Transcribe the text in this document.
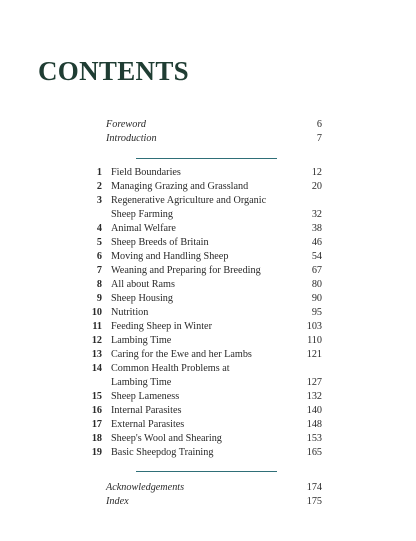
CONTENTS
Foreword	6
Introduction	7
1 Field Boundaries	12
2 Managing Grazing and Grassland	20
3 Regenerative Agriculture and Organic
Sheep Farming	32
4 Animal Welfare	38
5 Sheep Breeds of Britain	46
6 Moving and Handling Sheep	54
7 Weaning and Preparing for Breeding	67
8 All about Rams	80
9 Sheep Housing	90
10 Nutrition	95
11 Feeding Sheep in Winter	103
12 Lambing Time	110
13 Caring for the Ewe and her Lambs	121
14 Common Health Problems at
Lambing Time	127
15 Sheep Lameness	132
16 Internal Parasites	140
17 External Parasites	148
18 Sheep's Wool and Shearing	153
19 Basic Sheepdog Training	165
Acknowledgements	174
Index	175
